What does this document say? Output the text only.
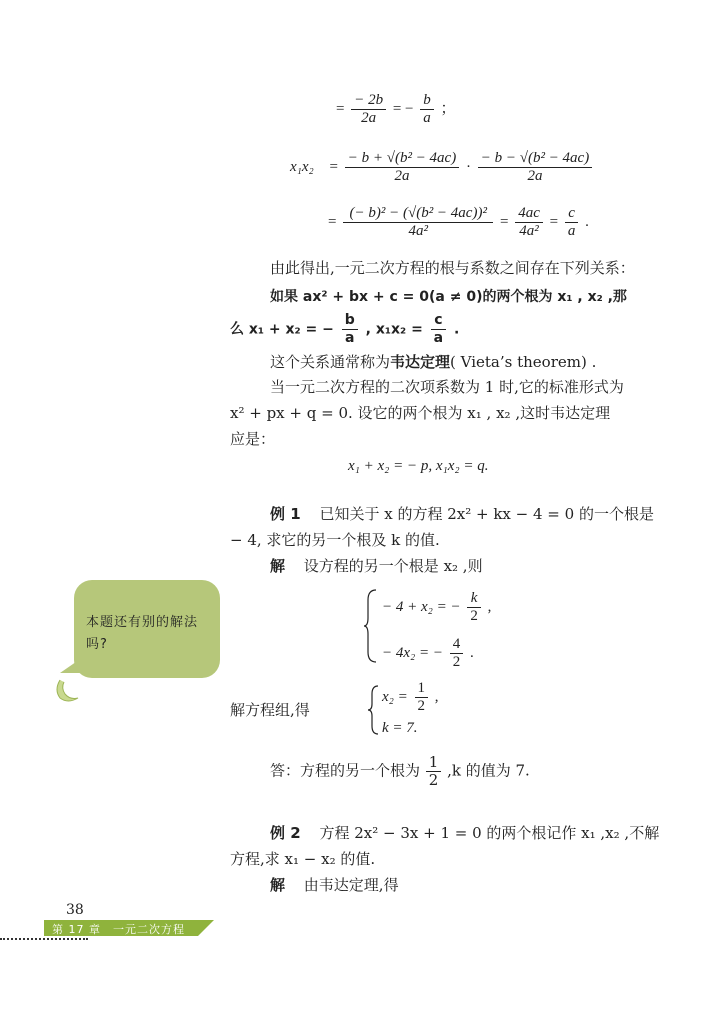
= $\frac{- 2b}{2a}$ = − $\frac{b}{a}$ ；
$x_1x_2 = \frac{\text{− b + √(b² − 4ac)}}{2a} \cdot \frac{\text{− b − √(b² − 4ac)}}{2a}$
= $\frac{\text{(− b)² − (√(b² − 4ac))²}}{\text{4a²}} = \frac{4ac}{\text{4a²}} = \frac{c}{a}$ .
由此得出,一元二次方程的根与系数之间存在下列关系：
如果 ax² + bx + c = 0(a ≠ 0)的两个根为 x₁ , x₂ ,那
么 x₁ + x₂ = − $\frac{b}{a}$ , $x_1x_2 = \frac{c}{a}$ .
这个关系通常称为韦达定理( Vieta’s theorem) .
当一元二次方程的二次项系数为 1 时,它的标准形式为
x² + px + q = 0. 设它的两个根为 x₁ , x₂ ,这时韦达定理
应是：
x₁ + x₂ = − p, x₁x₂ = q.
例 1 已知关于 x 的方程 2x² + kx − 4 = 0 的一个根是
− 4, 求它的另一个根及 k 的值.
解 设方程的另一个根是 x₂ ,则
− 4 + x₂ = − $\frac{k}{2}$ ,
− 4x₂ = − $\frac{4}{2}$ .
解方程组,得
$x_2 = \frac{1}{2}$ ,
k = 7.
答：方程的另一个根为 $\frac{1}{2} ,k$ 的值为 7.
例 2 方程 2x² − 3x + 1 = 0 的两个根记作 x₁ ,x₂ ,不解
方程,求 x₁ − x₂ 的值.
解 由韦达定理,得
本题还有别的解法吗?
38
第 17 章　一元二次方程
